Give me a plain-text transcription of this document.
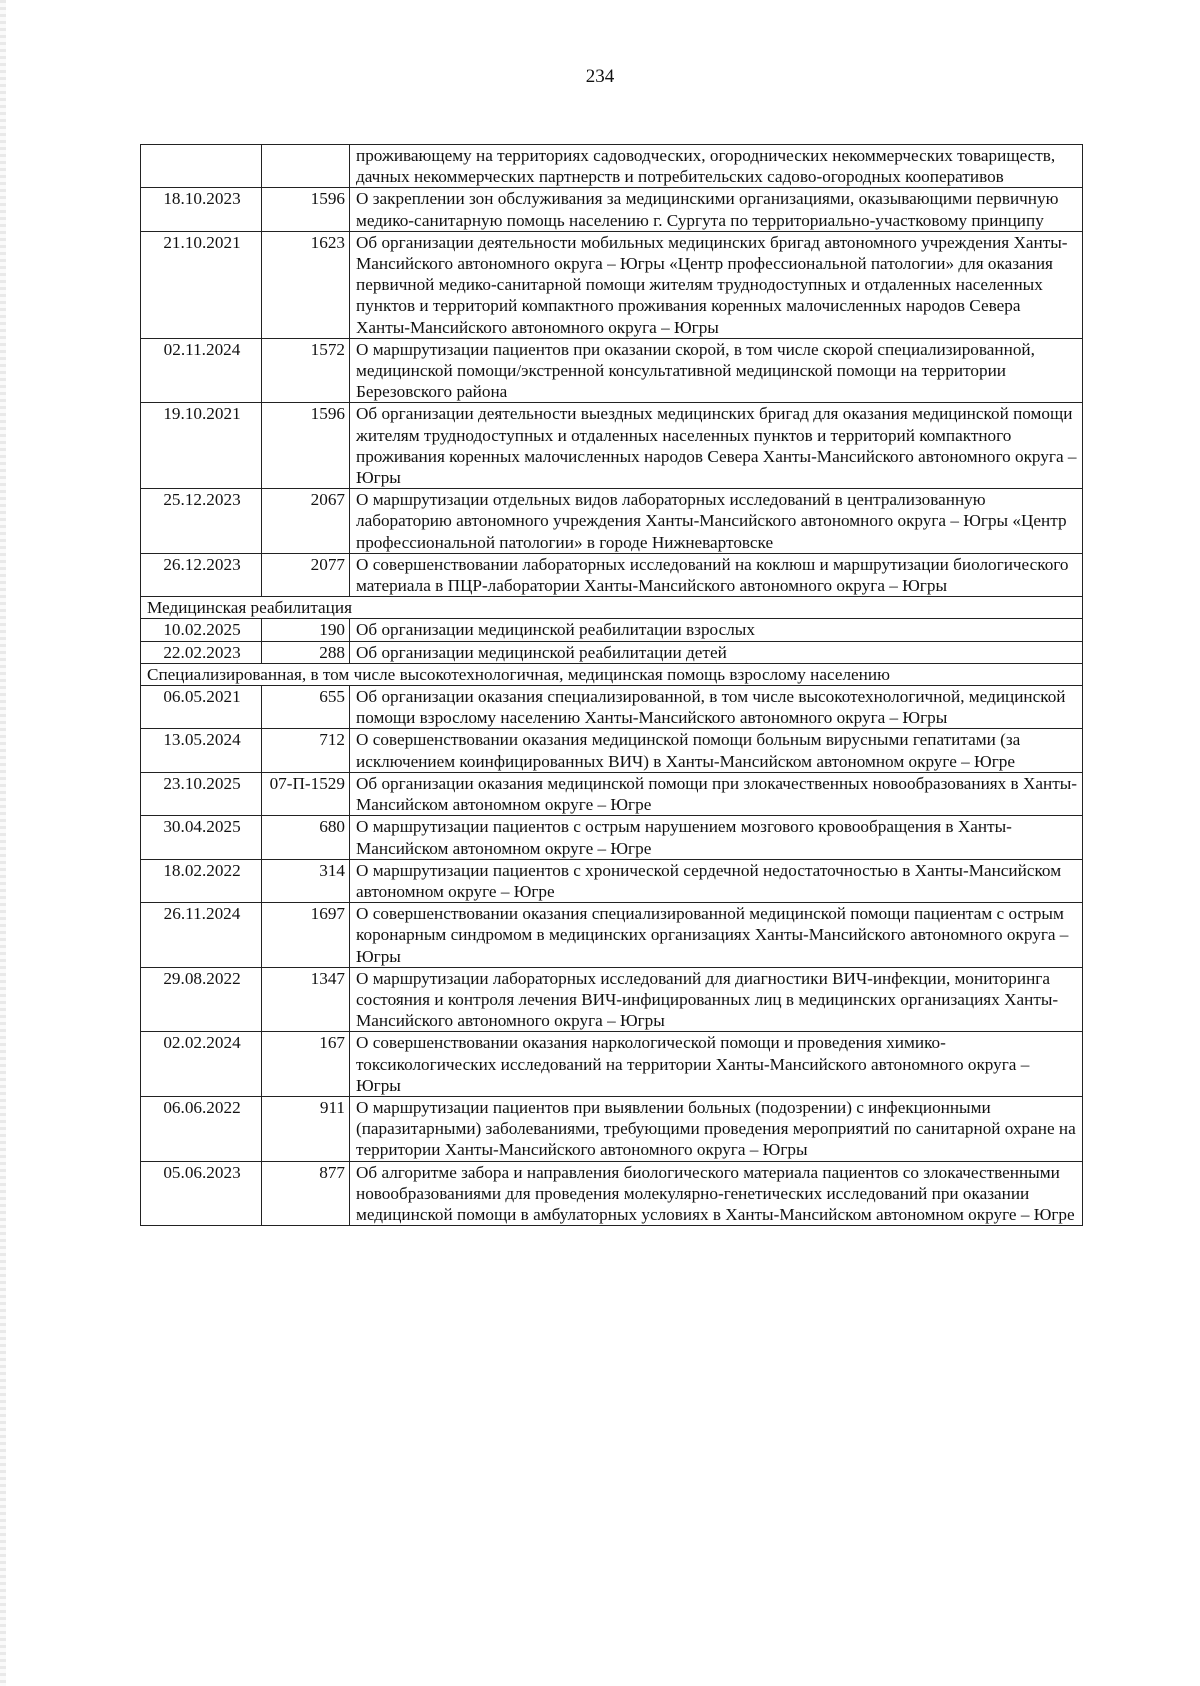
234
		проживающему на территориях садоводческих, огороднических некоммерческих товариществ, дачных некоммерческих партнерств и потребительских садово-огородных кооперативов
18.10.2023	1596	О закреплении зон обслуживания за медицинскими организациями, оказывающими первичную медико-санитарную помощь населению г. Сургута по территориально-участковому принципу
21.10.2021	1623	Об организации деятельности мобильных медицинских бригад автономного учреждения Ханты-Мансийского автономного округа – Югры «Центр профессиональной патологии» для оказания первичной медико-санитарной помощи жителям труднодоступных и отдаленных населенных пунктов и территорий компактного проживания коренных малочисленных народов Севера Ханты-Мансийского автономного округа – Югры
02.11.2024	1572	О маршрутизации пациентов при оказании скорой, в том числе скорой специализированной, медицинской помощи/экстренной консультативной медицинской помощи на территории Березовского района
19.10.2021	1596	Об организации деятельности выездных медицинских бригад для оказания медицинской помощи жителям труднодоступных и отдаленных населенных пунктов и территорий компактного проживания коренных малочисленных народов Севера Ханты-Мансийского автономного округа – Югры
25.12.2023	2067	О маршрутизации отдельных видов лабораторных исследований в централизованную лабораторию автономного учреждения Ханты-Мансийского автономного округа – Югры «Центр профессиональной патологии» в городе Нижневартовске
26.12.2023	2077	О совершенствовании лабораторных исследований на коклюш и маршрутизации биологического материала в ПЦР-лаборатории Ханты-Мансийского автономного округа – Югры
Медицинская реабилитация		
10.02.2025	190	Об организации медицинской реабилитации взрослых
22.02.2023	288	Об организации медицинской реабилитации детей
Специализированная, в том числе высокотехнологичная, медицинская помощь взрослому населению		
06.05.2021	655	Об организации оказания специализированной, в том числе высокотехнологичной, медицинской помощи взрослому населению Ханты-Мансийского автономного округа – Югры
13.05.2024	712	О совершенствовании оказания медицинской помощи больным вирусными гепатитами (за исключением коинфицированных ВИЧ) в Ханты-Мансийском автономном округе – Югре
23.10.2025	07-П-1529	Об организации оказания медицинской помощи при злокачественных новообразованиях в Ханты-Мансийском автономном округе – Югре
30.04.2025	680	О маршрутизации пациентов с острым нарушением мозгового кровообращения в Ханты-Мансийском автономном округе – Югре
18.02.2022	314	О маршрутизации пациентов с хронической сердечной недостаточностью в Ханты-Мансийском автономном округе – Югре
26.11.2024	1697	О совершенствовании оказания специализированной медицинской помощи пациентам с острым коронарным синдромом в медицинских организациях Ханты-Мансийского автономного округа – Югры
29.08.2022	1347	О маршрутизации лабораторных исследований для диагностики ВИЧ-инфекции, мониторинга состояния и контроля лечения ВИЧ-инфицированных лиц в медицинских организациях Ханты-Мансийского автономного округа – Югры
02.02.2024	167	О совершенствовании оказания наркологической помощи и проведения химико-токсикологических исследований на территории Ханты-Мансийского автономного округа – Югры
06.06.2022	911	О маршрутизации пациентов при выявлении больных (подозрении) с инфекционными (паразитарными) заболеваниями, требующими проведения мероприятий по санитарной охране на территории Ханты-Мансийского автономного округа – Югры
05.06.2023	877	Об алгоритме забора и направления биологического материала пациентов со злокачественными новообразованиями для проведения молекулярно-генетических исследований при оказании медицинской помощи в амбулаторных условиях в Ханты-Мансийском автономном округе – Югре
